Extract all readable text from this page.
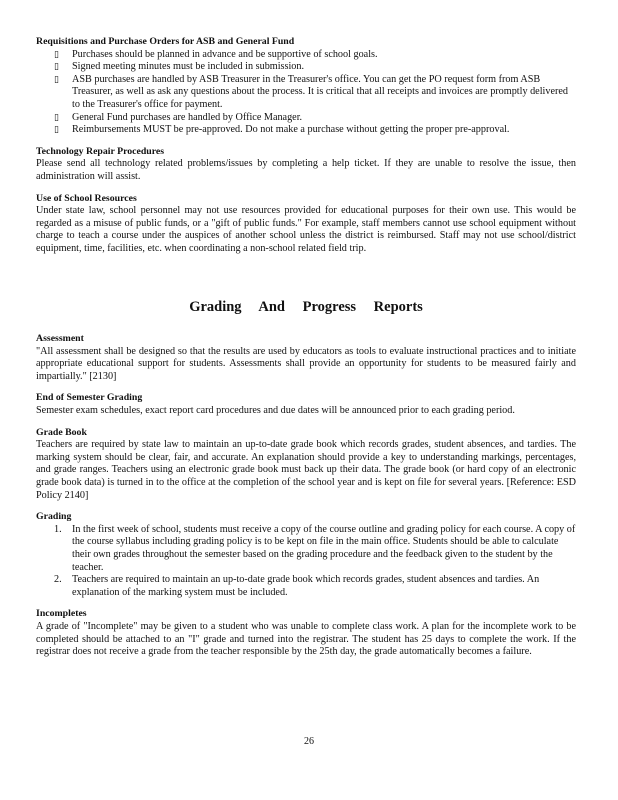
Requisitions and Purchase Orders for ASB and General Fund
▯ Purchases should be planned in advance and be supportive of school goals.
▯ Signed meeting minutes must be included in submission.
▯ ASB purchases are handled by ASB Treasurer in the Treasurer's office. You can get the PO request form from ASB Treasurer, as well as ask any questions about the process. It is critical that all receipts and invoices are promptly delivered to the Treasurer's office for payment.
▯ General Fund purchases are handled by Office Manager.
▯ Reimbursements MUST be pre-approved. Do not make a purchase without getting the proper pre-approval.
Technology Repair Procedures

Please send all technology related problems/issues by completing a help ticket. If they are unable to resolve the issue, then administration will assist.

Use of School Resources

Under state law, school personnel may not use resources provided for educational purposes for their own use. This would be regarded as a misuse of public funds, or a "gift of public funds." For example, staff members cannot use school equipment without charge to teach a course under the auspices of another school unless the district is reimbursed. Staff may not use school/district equipment, time, facilities, etc. when coordinating a non-school related field trip.

Grading And Progress Reports
Assessment

"All assessment shall be designed so that the results are used by educators as tools to evaluate instructional practices and to initiate appropriate educational support for students. Assessments shall provide an opportunity for students to be measured fairly and impartially." [2130]

End of Semester Grading

Semester exam schedules, exact report card procedures and due dates will be announced prior to each grading period.

Grade Book

Teachers are required by state law to maintain an up-to-date grade book which records grades, student absences, and tardies. The marking system should be clear, fair, and accurate. An explanation should provide a key to understanding markings, percentages, and grade ranges. Teachers using an electronic grade book must back up their data. The grade book (or hard copy of an electronic grade book data) is turned in to the office at the completion of the school year and is kept on file for several years. [Reference: ESD Policy 2140]

Grading
1. In the first week of school, students must receive a copy of the course outline and grading policy for each course. A copy of the course syllabus including grading policy is to be kept on file in the main office. Students should be able to calculate their own grades throughout the semester based on the grading procedure and the feedback given to the student by the teacher.
2. Teachers are required to maintain an up-to-date grade book which records grades, student absences and tardies. An explanation of the marking system must be included.
Incompletes

A grade of "Incomplete" may be given to a student who was unable to complete class work. A plan for the incomplete work to be completed should be attached to an "I" grade and turned into the registrar. The student has 25 days to complete the work. If the registrar does not receive a grade from the teacher responsible by the 25th day, the grade automatically becomes a failure.

26
